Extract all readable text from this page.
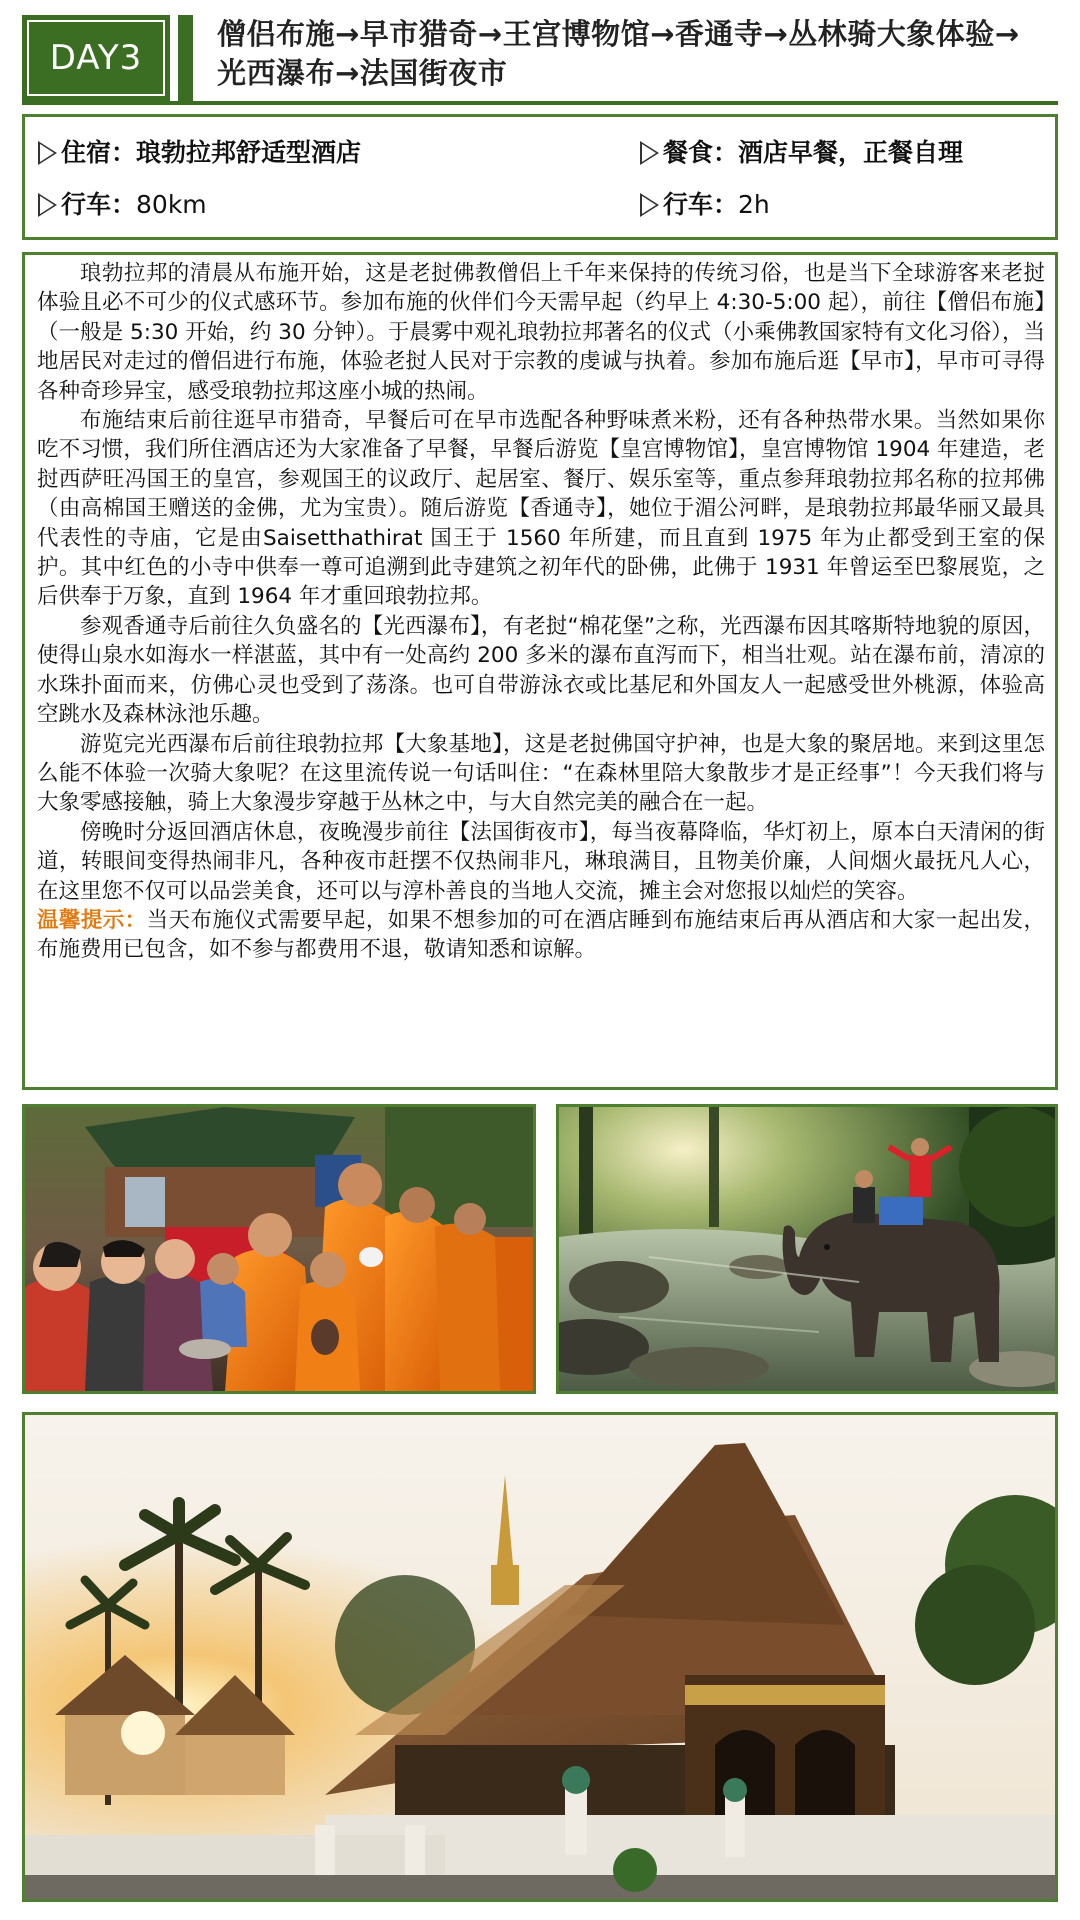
DAY3
僧侣布施→早市猎奇→王宫博物馆→香通寺→丛林骑大象体验→光西瀑布→法国街夜市
住宿：琅勃拉邦舒适型酒店	餐食：酒店早餐，正餐自理
行车：80km	行车：2h

琅勃拉邦的清晨从布施开始，这是老挝佛教僧侣上千年来保持的传统习俗，也是当下全球游客来老挝体验且必不可少的仪式感环节。参加布施的伙伴们今天需早起（约早上 4:30-5:00 起），前往【僧侣布施】（一般是 5:30 开始，约 30 分钟）。于晨雾中观礼琅勃拉邦著名的仪式（小乘佛教国家特有文化习俗），当地居民对走过的僧侣进行布施，体验老挝人民对于宗教的虔诚与执着。参加布施后逛【早市】，早市可寻得各种奇珍异宝，感受琅勃拉邦这座小城的热闹。

布施结束后前往逛早市猎奇，早餐后可在早市选配各种野味煮米粉，还有各种热带水果。当然如果你吃不习惯，我们所住酒店还为大家准备了早餐，早餐后游览【皇宫博物馆】，皇宫博物馆 1904 年建造，老挝西萨旺冯国王的皇宫，参观国王的议政厅、起居室、餐厅、娱乐室等，重点参拜琅勃拉邦名称的拉邦佛（由高棉国王赠送的金佛，尤为宝贵）。随后游览【香通寺】，她位于湄公河畔，是琅勃拉邦最华丽又最具代表性的寺庙，它是由Saisetthathirat 国王于 1560 年所建，而且直到 1975 年为止都受到王室的保护。其中红色的小寺中供奉一尊可追溯到此寺建筑之初年代的卧佛，此佛于 1931 年曾运至巴黎展览，之后供奉于万象，直到 1964 年才重回琅勃拉邦。

参观香通寺后前往久负盛名的【光西瀑布】，有老挝“棉花堡”之称，光西瀑布因其喀斯特地貌的原因，使得山泉水如海水一样湛蓝，其中有一处高约 200 多米的瀑布直泻而下，相当壮观。站在瀑布前，清凉的水珠扑面而来，仿佛心灵也受到了荡涤。也可自带游泳衣或比基尼和外国友人一起感受世外桃源，体验高空跳水及森林泳池乐趣。

游览完光西瀑布后前往琅勃拉邦【大象基地】，这是老挝佛国守护神，也是大象的聚居地。来到这里怎么能不体验一次骑大象呢？在这里流传说一句话叫住：“在森林里陪大象散步才是正经事”！今天我们将与大象零感接触，骑上大象漫步穿越于丛林之中，与大自然完美的融合在一起。

傍晚时分返回酒店休息，夜晚漫步前往【法国街夜市】，每当夜幕降临，华灯初上，原本白天清闲的街道，转眼间变得热闹非凡，各种夜市赶摆不仅热闹非凡，琳琅满目，且物美价廉，人间烟火最抚凡人心，在这里您不仅可以品尝美食，还可以与淳朴善良的当地人交流，摊主会对您报以灿烂的笑容。

温馨提示：当天布施仪式需要早起，如果不想参加的可在酒店睡到布施结束后再从酒店和大家一起出发，布施费用已包含，如不参与都费用不退，敬请知悉和谅解。
